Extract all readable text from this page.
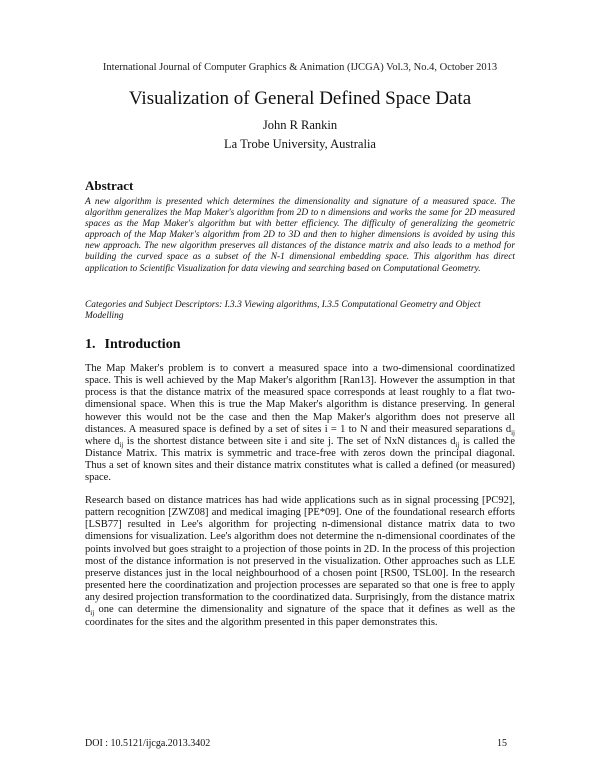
International Journal of Computer Graphics & Animation (IJCGA) Vol.3, No.4, October 2013
Visualization of General Defined Space Data
John R Rankin
La Trobe University, Australia
Abstract

A new algorithm is presented which determines the dimensionality and signature of a measured space. The algorithm generalizes the Map Maker's algorithm from 2D to n dimensions and works the same for 2D measured spaces as the Map Maker's algorithm but with better efficiency. The difficulty of generalizing the geometric approach of the Map Maker's algorithm from 2D to 3D and then to higher dimensions is avoided by using this new approach. The new algorithm preserves all distances of the distance matrix and also leads to a method for building the curved space as a subset of the N-1 dimensional embedding space. This algorithm has direct application to Scientific Visualization for data viewing and searching based on Computational Geometry.

Categories and Subject Descriptors: I.3.3 Viewing algorithms, I.3.5 Computational Geometry and Object Modelling

1. Introduction

The Map Maker's problem is to convert a measured space into a two-dimensional coordinatized space. This is well achieved by the Map Maker's algorithm [Ran13]. However the assumption in that process is that the distance matrix of the measured space corresponds at least roughly to a flat two-dimensional space. When this is true the Map Maker's algorithm is distance preserving. In general however this would not be the case and then the Map Maker's algorithm does not preserve all distances. A measured space is defined by a set of sites i = 1 to N and their measured separations $d_{ij}$ where $d_{ij}$ is the shortest distance between site i and site j. The set of NxN distances $d_{ij}$ is called the Distance Matrix. This matrix is symmetric and trace-free with zeros down the principal diagonal. Thus a set of known sites and their distance matrix constitutes what is called a defined (or measured) space.

Research based on distance matrices has had wide applications such as in signal processing [PC92], pattern recognition [ZWZ08] and medical imaging [PE*09]. One of the foundational research efforts [LSB77] resulted in Lee's algorithm for projecting n-dimensional distance matrix data to two dimensions for visualization. Lee's algorithm does not determine the n-dimensional coordinates of the points involved but goes straight to a projection of those points in 2D. In the process of this projection most of the distance information is not preserved in the visualization. Other approaches such as LLE preserve distances just in the local neighbourhood of a chosen point [RS00, TSL00]. In the research presented here the coordinatization and projection processes are separated so that one is free to apply any desired projection transformation to the coordinatized data. Surprisingly, from the distance matrix $d_{ij}$ one can determine the dimensionality and signature of the space that it defines as well as the coordinates for the sites and the algorithm presented in this paper demonstrates this.

DOI : 10.5121/ijcga.2013.3402	15
